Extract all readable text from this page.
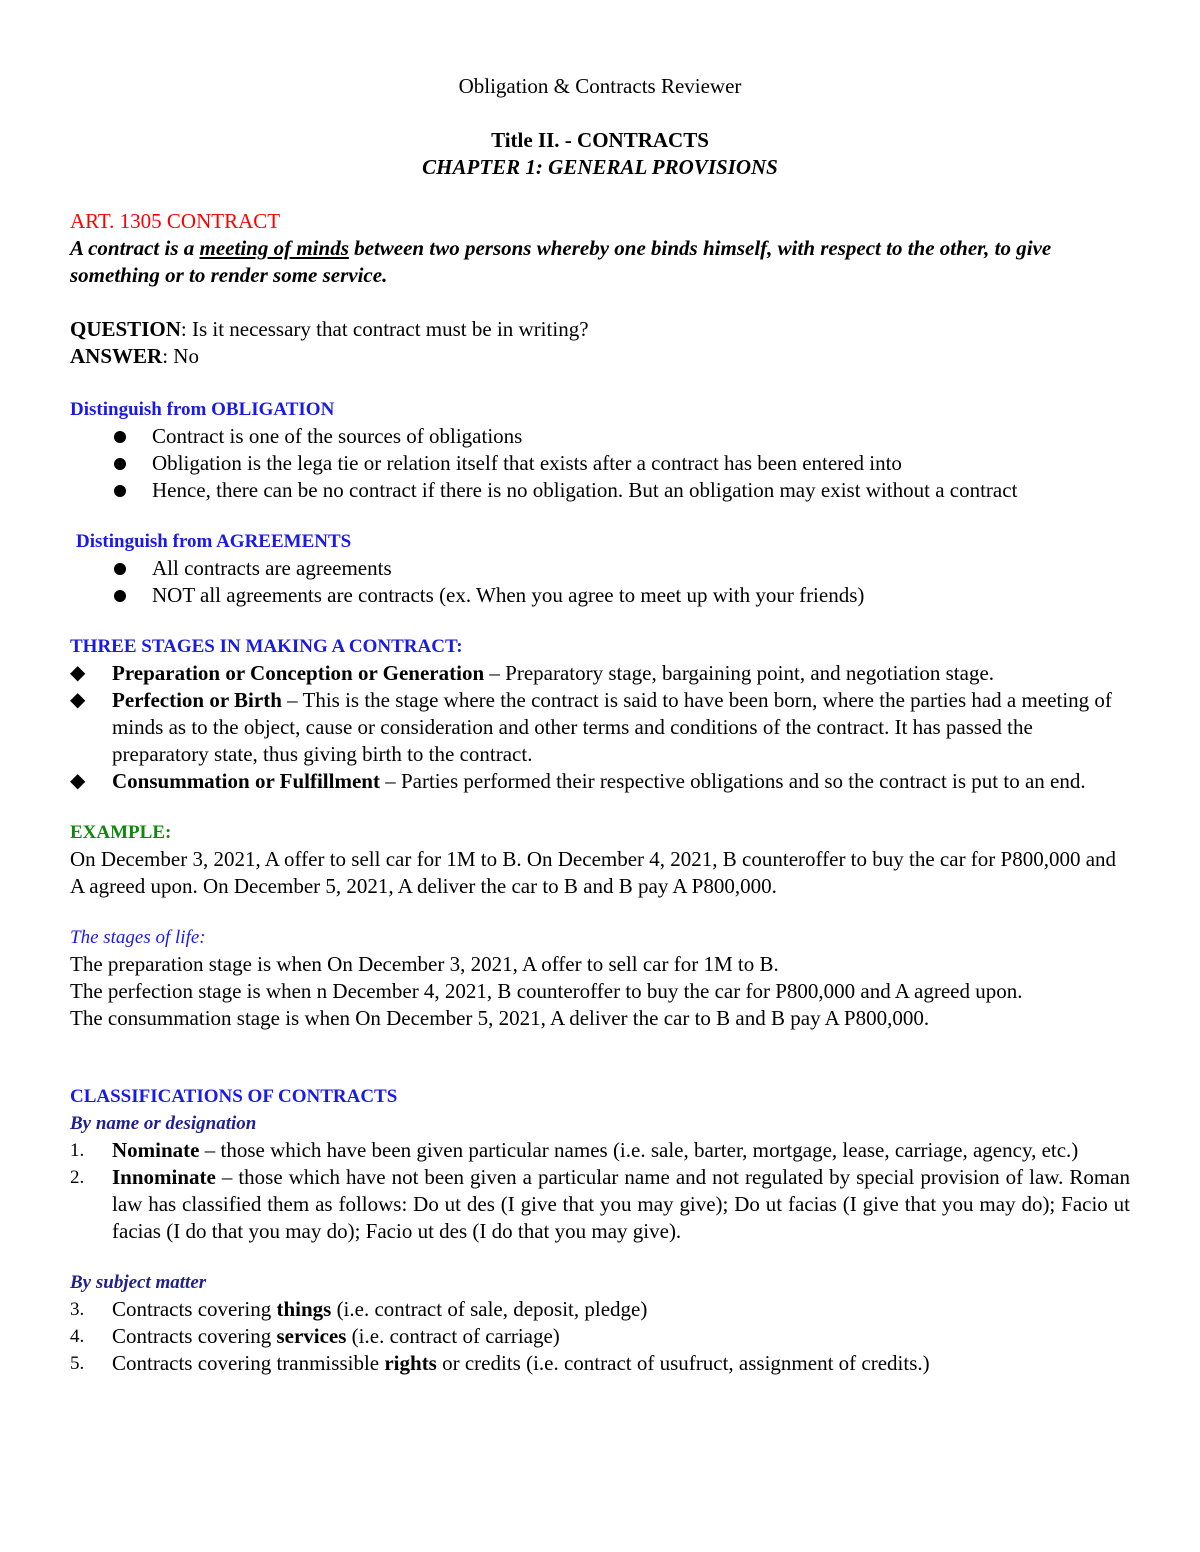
Obligation & Contracts Reviewer

Title II. - CONTRACTS

CHAPTER 1: GENERAL PROVISIONS

ART. 1305 CONTRACT

A contract is a meeting of minds between two persons whereby one binds himself, with respect to the other, to give something or to render some service.

QUESTION: Is it necessary that contract must be in writing?

ANSWER: No

Distinguish from OBLIGATION

Contract is one of the sources of obligations
Obligation is the lega tie or relation itself that exists after a contract has been entered into
Hence, there can be no contract if there is no obligation. But an obligation may exist without a contract

Distinguish from AGREEMENTS

All contracts are agreements
NOT all agreements are contracts (ex. When you agree to meet up with your friends)

THREE STAGES IN MAKING A CONTRACT:

◆ Preparation or Conception or Generation – Preparatory stage, bargaining point, and negotiation stage.
◆ Perfection or Birth – This is the stage where the contract is said to have been born, where the parties had a meeting of minds as to the object, cause or consideration and other terms and conditions of the contract. It has passed the preparatory state, thus giving birth to the contract.
◆ Consummation or Fulfillment – Parties performed their respective obligations and so the contract is put to an end.

EXAMPLE:

On December 3, 2021, A offer to sell car for 1M to B. On December 4, 2021, B counteroffer to buy the car for P800,000 and A agreed upon. On December 5, 2021, A deliver the car to B and B pay A P800,000.

The stages of life:

The preparation stage is when On December 3, 2021, A offer to sell car for 1M to B.

The perfection stage is when n December 4, 2021, B counteroffer to buy the car for P800,000 and A agreed upon.

The consummation stage is when On December 5, 2021, A deliver the car to B and B pay A P800,000.

CLASSIFICATIONS OF CONTRACTS

By name or designation

1. Nominate – those which have been given particular names (i.e. sale, barter, mortgage, lease, carriage, agency, etc.)
2. Innominate – those which have not been given a particular name and not regulated by special provision of law. Roman law has classified them as follows: Do ut des (I give that you may give); Do ut facias (I give that you may do); Facio ut facias (I do that you may do); Facio ut des (I do that you may give).

By subject matter

3. Contracts covering things (i.e. contract of sale, deposit, pledge)
4. Contracts covering services (i.e. contract of carriage)
5. Contracts covering tranmissible rights or credits (i.e. contract of usufruct, assignment of credits.)
